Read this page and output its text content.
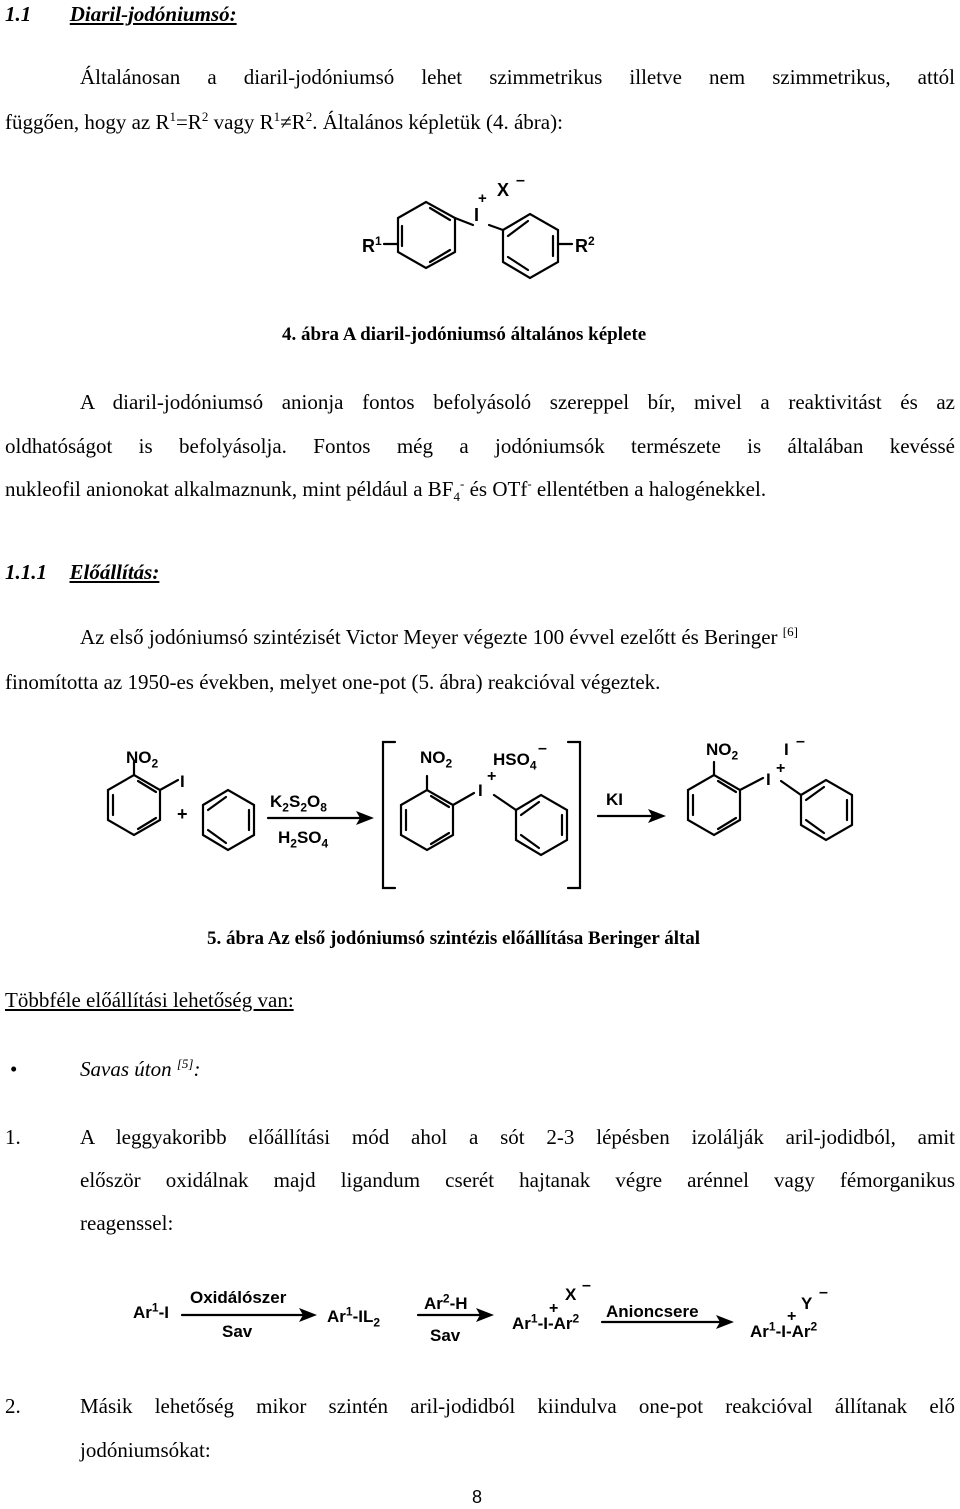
1.1 Diaril-jodóniumsó:
Általánosan a diaril-jodóniumsó lehet szimmetrikus illetve nem szimmetrikus, attól
függően, hogy az $R^1=R^2$ vagy $R^1\ne R^2$. Általános képletük (4. ábra):
I
+ X –
$R^1$	$R^2$
4. ábra A diaril-jodóniumsó általános képlete
A diaril-jodóniumsó anionja fontos befolyásoló szereppel bír, mivel a reaktivitást és az
oldhatóságot is befolyásolja. Fontos még a jodóniumsók természete is általában kevéssé
nukleofil anionokat alkalmaznunk, mint például a $BF_4^-$ és OTf- ellentétben a halogénekkel.
1.1.1 Előállítás:
Az első jodóniumsó szintézisét Victor Meyer végezte 100 évvel ezelőtt és Beringer [6]
finomította az 1950-es években, melyet one-pot (5. ábra) reakcióval végeztek.
$NO_2$
I
+
$K_2S_2O_8$
$H_2SO_4$
$NO_2$ $HSO_4$
–
+
I	KI
$NO_2$	I –
+
I
5. ábra Az első jodóniumsó szintézis előállítása Beringer által
Többféle előállítási lehetőség van:
•	Savas úton [5]:
1.	A leggyakoribb előállítási mód ahol a sót 2-3 lépésben izolálják aril-jodidból, amit
először oxidálnak majd ligandum cserét hajtanak végre arénnel vagy fémorganikus
reagenssel:
Ar$^1$-I
Oxidálószer
Sav
$Ar^1-IL_2$
Ar$^2$-H
Sav
X –
+
$Ar^1-I-Ar^2$ Anioncsere	Y
–
+
$Ar^1-I-Ar^2$
2.	Másik lehetőség mikor szintén aril-jodidból kiindulva one-pot reakcióval állítanak elő
jodóniumsókat:
8
